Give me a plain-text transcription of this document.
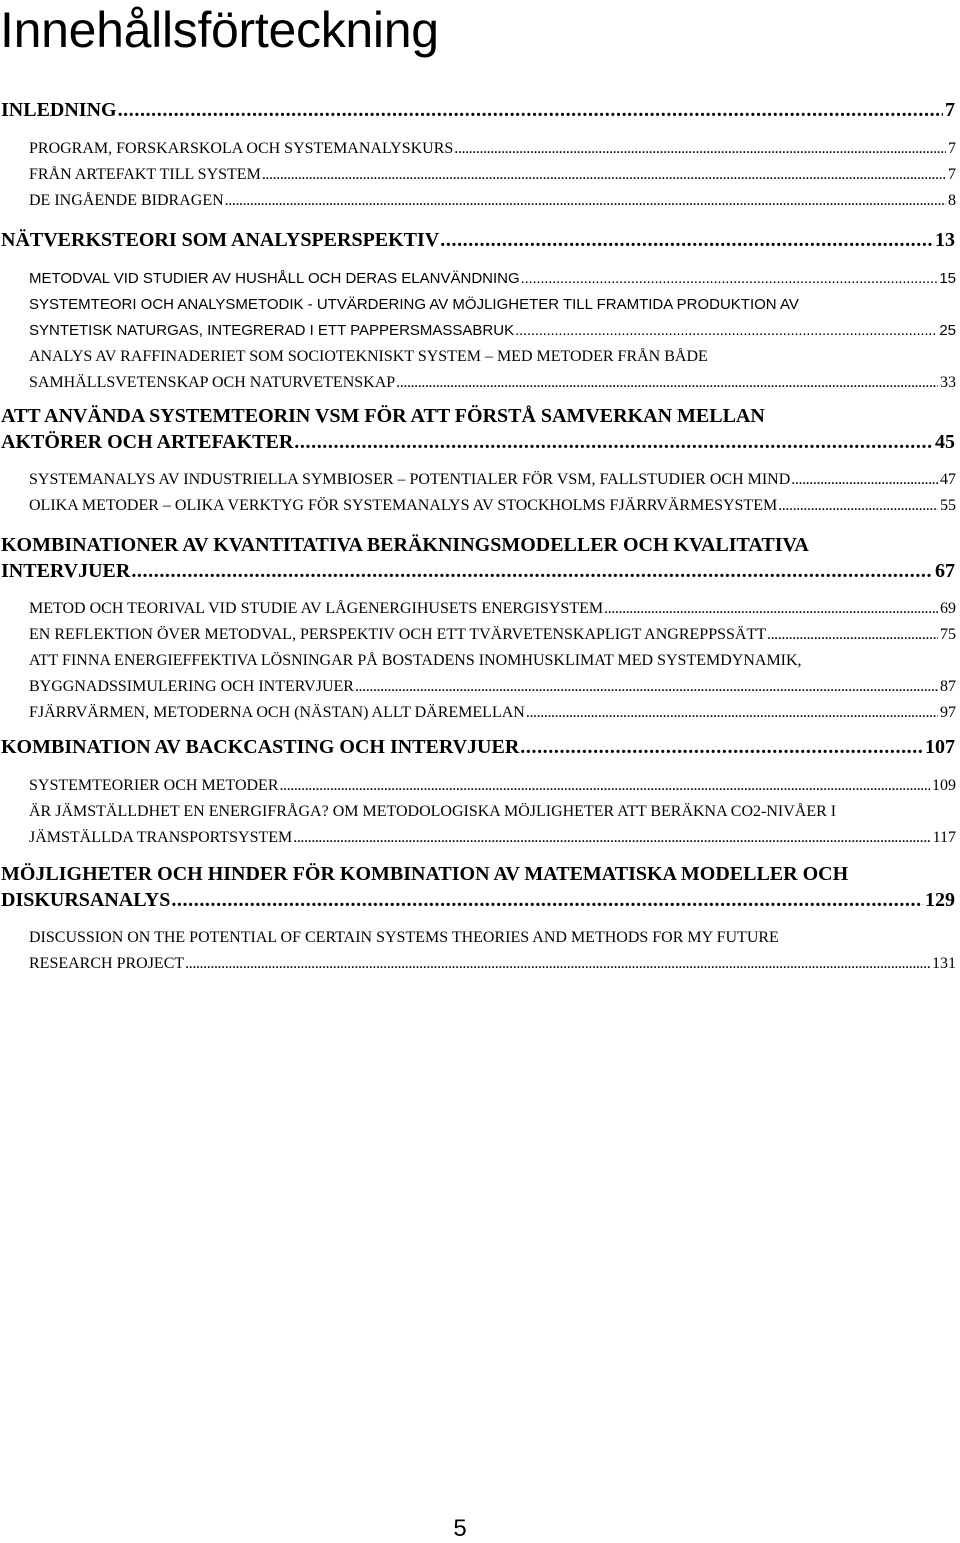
Innehållsförteckning
INLEDNING . . .	7
PROGRAM, FORSKARSKOLA OCH SYSTEMANALYSKURS . . .	7
FRÅN ARTEFAKT TILL SYSTEM . . .	7
DE INGÅENDE BIDRAGEN . . .	8
NÄTVERKSTEORI SOM ANALYSPERSPEKTIV . . .	13
METODVAL VID STUDIER AV HUSHÅLL OCH DERAS ELANVÄNDNING . . .	15
SYSTEMTEORI OCH ANALYSMETODIK - UTVÄRDERING AV MÖJLIGHETER TILL FRAMTIDA PRODUKTION AV
SYNTETISK NATURGAS, INTEGRERAD I ETT PAPPERSMASSABRUK . . .	25
ANALYS AV RAFFINADERIET SOM SOCIOTEKNISKT SYSTEM – MED METODER FRÅN BÅDE
SAMHÄLLSVETENSKAP OCH NATURVETENSKAP . . .	33
ATT ANVÄNDA SYSTEMTEORIN VSM FÖR ATT FÖRSTÅ SAMVERKAN MELLAN
AKTÖRER OCH ARTEFAKTER . . .	45
SYSTEMANALYS AV INDUSTRIELLA SYMBIOSER – POTENTIALER FÖR VSM, FALLSTUDIER OCH MIND . . .	47
OLIKA METODER – OLIKA VERKTYG FÖR SYSTEMANALYS AV STOCKHOLMS FJÄRRVÄRMESYSTEM . . .	55
KOMBINATIONER AV KVANTITATIVA BERÄKNINGSMODELLER OCH KVALITATIVA
INTERVJUER . . .	67
METOD OCH TEORIVAL VID STUDIE AV LÅGENERGIHUSETS ENERGISYSTEM . . .	69
EN REFLEKTION ÖVER METODVAL, PERSPEKTIV OCH ETT TVÄRVETENSKAPLIGT ANGREPPSSÄTT . . .	75
ATT FINNA ENERGIEFFEKTIVA LÖSNINGAR PÅ BOSTADENS INOMHUSKLIMAT MED SYSTEMDYNAMIK,
BYGGNADSSIMULERING OCH INTERVJUER . . .	87
FJÄRRVÄRMEN, METODERNA OCH (NÄSTAN) ALLT DÄREMELLAN . . .	97
KOMBINATION AV BACKCASTING OCH INTERVJUER . . .	107
SYSTEMTEORIER OCH METODER . . .	109
ÄR JÄMSTÄLLDHET EN ENERGIFRÅGA? OM METODOLOGISKA MÖJLIGHETER ATT BERÄKNA CO2-NIVÅER I
JÄMSTÄLLDA TRANSPORTSYSTEM . . .	117
MÖJLIGHETER OCH HINDER FÖR KOMBINATION AV MATEMATISKA MODELLER OCH
DISKURSANALYS . . .	129
DISCUSSION ON THE POTENTIAL OF CERTAIN SYSTEMS THEORIES AND METHODS FOR MY FUTURE
RESEARCH PROJECT . . .	131
5
